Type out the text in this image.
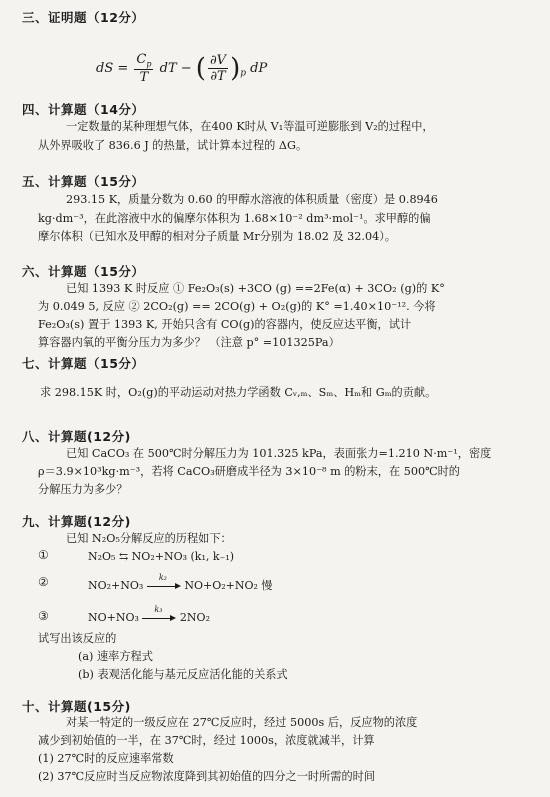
三、证明题（12分）
dS = $\frac{C_p}{T}$ dT − ( $\frac{\partial V}{\partial T} )_p$ dP
四、计算题（14分）
一定数量的某种理想气体，在400 K时从 V₁等温可逆膨胀到 V₂的过程中，
从外界吸收了 836.6 J 的热量，试计算本过程的 ΔG。
五、计算题（15分）
293.15 K，质量分数为 0.60 的甲醇水溶液的体积质量（密度）是 0.8946
kg·dm⁻³，在此溶液中水的偏摩尔体积为 1.68×10⁻² dm³·mol⁻¹。求甲醇的偏
摩尔体积（已知水及甲醇的相对分子质量 Mr分别为 18.02 及 32.04）。
六、计算题（15分）
已知 1393 K 时反应 ① Fe₂O₃(s) +3CO (g) ==2Fe(α) + 3CO₂ (g)的 K°
为 0.049 5, 反应 ② 2CO₂(g) == 2CO(g) + O₂(g)的 K° =1.40×10⁻¹². 今将
Fe₂O₃(s) 置于 1393 K, 开始只含有 CO(g)的容器内，使反应达平衡，试计
算容器内氧的平衡分压力为多少？ （注意 p° =101325Pa）
七、计算题（15分）
求 298.15K 时，O₂(g)的平动运动对热力学函数 Cᵥ,ₘ、Sₘ、Hₘ和 Gₘ的贡献。
八、计算题(12分)
已知 CaCO₃ 在 500℃时分解压力为 101.325 kPa，表面张力=1.210 N·m⁻¹，密度
ρ＝3.9×10³kg·m⁻³，若将 CaCO₃研磨成半径为 3×10⁻⁸ m 的粉末，在 500℃时的
分解压力为多少？
九、计算题(12分)
已知 N₂O₅分解反应的历程如下：
①	N₂O₅ ⇆ NO₂+NO₃ (k₁, k₋₁)
②	NO₂+NO₃
k₂
NO+O₂+NO₂ 慢
③	NO+NO₃
k₃
2NO₂
试写出该反应的
(a) 速率方程式
(b) 表观活化能与基元反应活化能的关系式
十、计算题(15分)
对某一特定的一级反应在 27℃反应时，经过 5000s 后，反应物的浓度
减少到初始值的一半，在 37℃时，经过 1000s，浓度就减半，计算
(1) 27℃时的反应速率常数
(2) 37℃反应时当反应物浓度降到其初始值的四分之一时所需的时间
